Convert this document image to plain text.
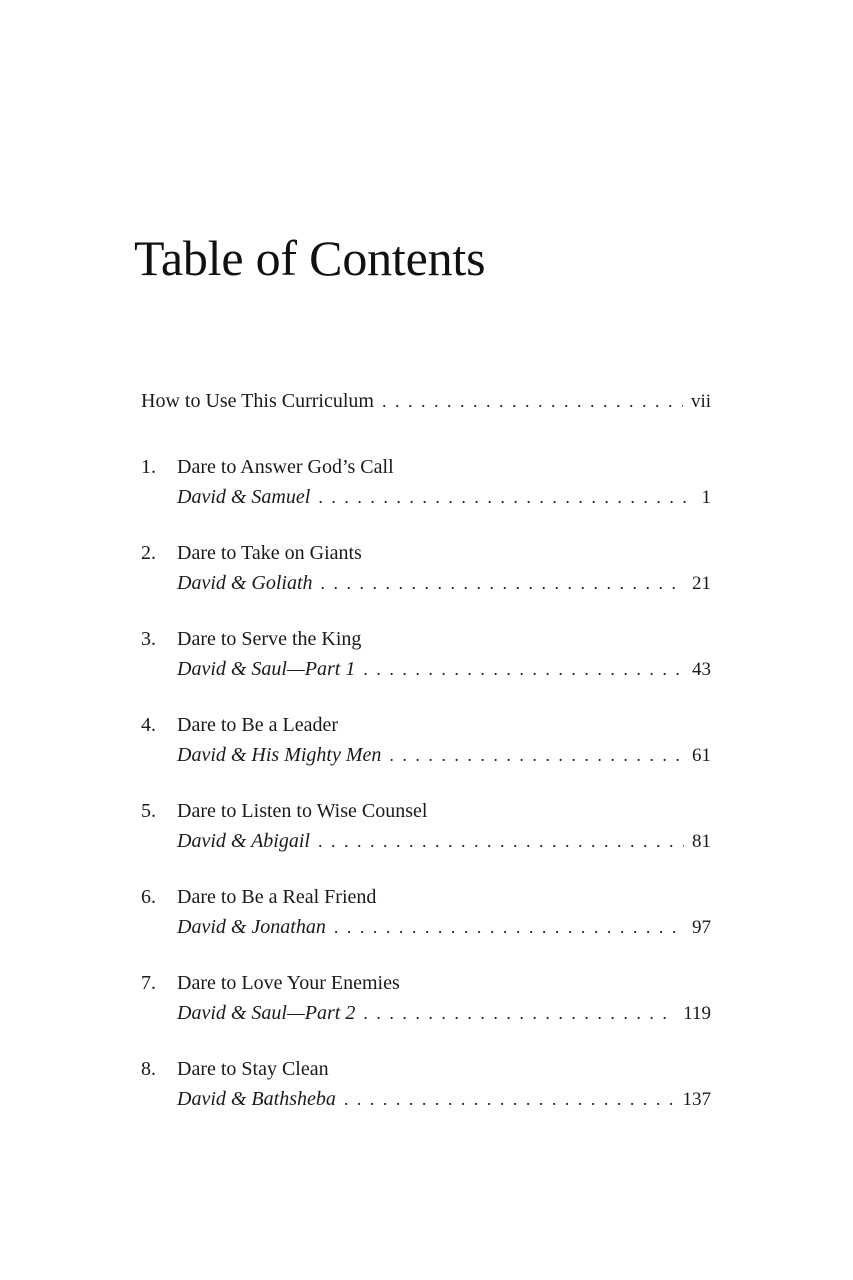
Table of Contents
How to Use This Curriculum . . .	vii
1.	Dare to Answer God’s Call
David & Samuel . . .	1
2.	Dare to Take on Giants
David & Goliath . . .	21
3.	Dare to Serve the King
David & Saul—Part 1 . . .	43
4.	Dare to Be a Leader
David & His Mighty Men . . .	61
5.	Dare to Listen to Wise Counsel
David & Abigail . . .	81
6.	Dare to Be a Real Friend
David & Jonathan . . .	97
7.	Dare to Love Your Enemies
David & Saul—Part 2 . . .	119
8.	Dare to Stay Clean
David & Bathsheba . . .	137
